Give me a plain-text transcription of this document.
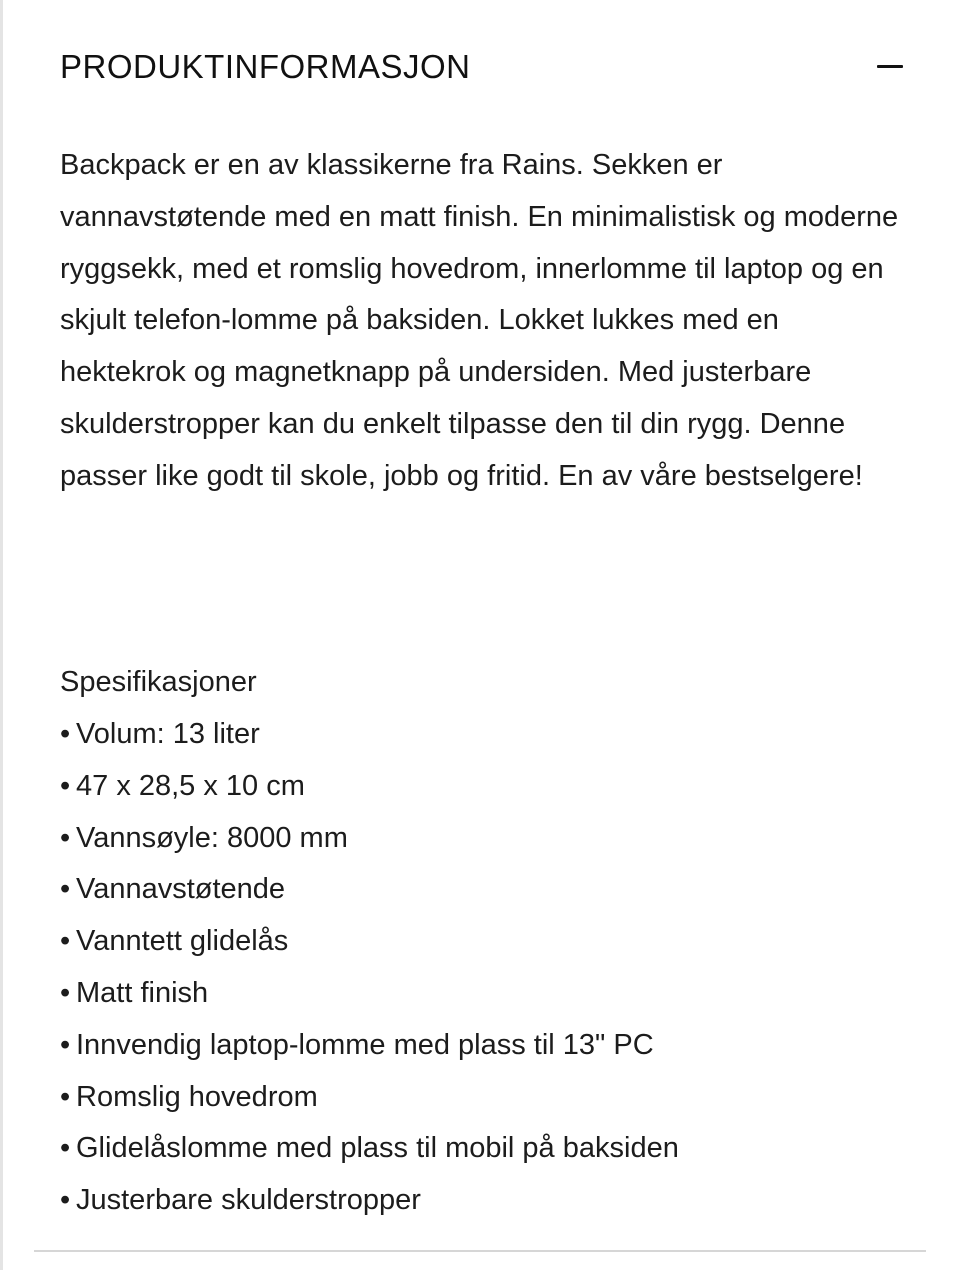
PRODUKTINFORMASJON

Backpack er en av klassikerne fra Rains. Sekken er vannavstøtende med en matt finish. En minimalistisk og moderne ryggsekk, med et romslig hovedrom, innerlomme til laptop og en skjult telefon-lomme på baksiden. Lokket lukkes med en hektekrok og magnetknapp på undersiden. Med justerbare skulderstropper kan du enkelt tilpasse den til din rygg. Denne passer like godt til skole, jobb og fritid. En av våre bestselgere!

Spesifikasjoner
• Volum: 13 liter
• 47 x 28,5 x 10 cm
• Vannsøyle: 8000 mm
• Vannavstøtende
• Vanntett glidelås
• Matt finish
• Innvendig laptop-lomme med plass til 13" PC
• Romslig hovedrom
• Glidelåslomme med plass til mobil på baksiden
• Justerbare skulderstropper
